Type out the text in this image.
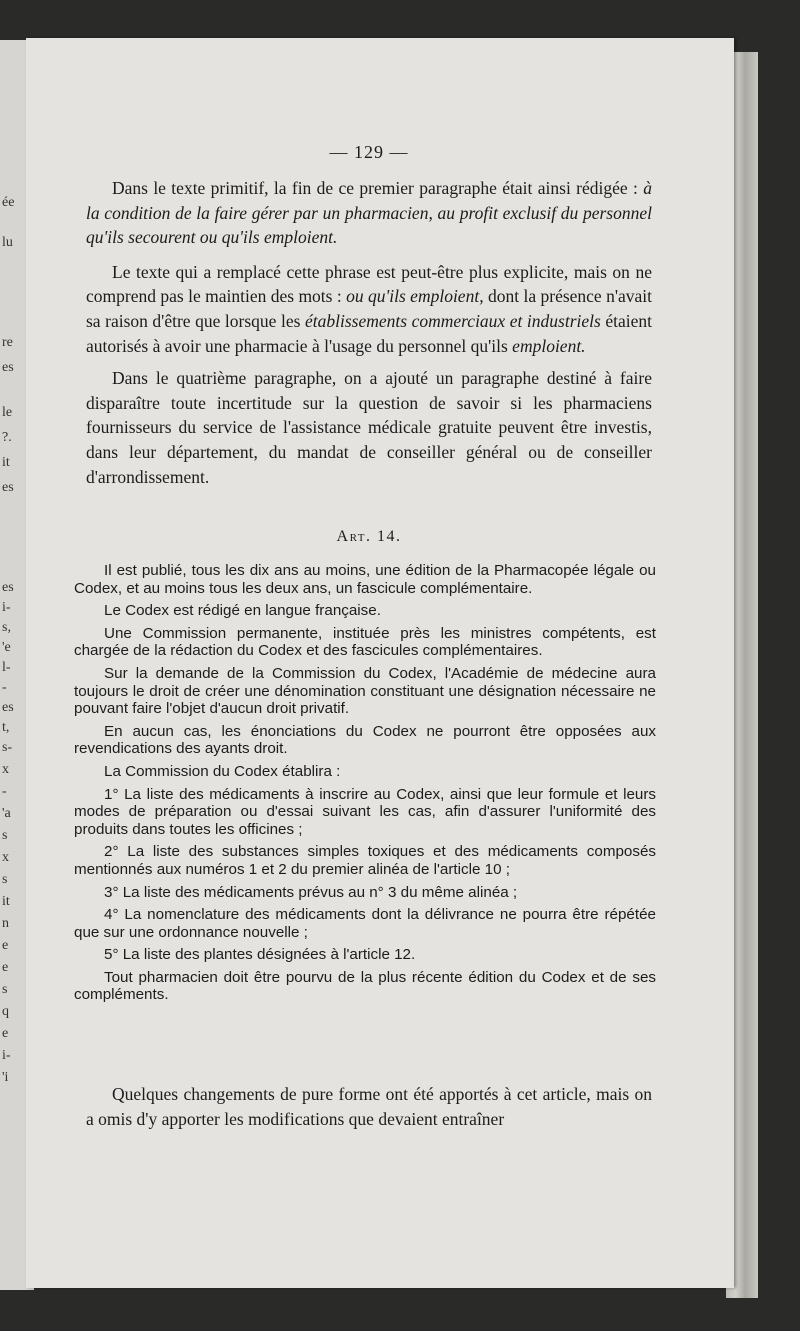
ée
lu
re
es
le
?.
it
es
es
i-
s,
'e
l-
-
es
t,
s-
x
-
'a
s
x
s
it
n
e
e
s
q
e
i-
'i
— 129 —

Dans le texte primitif, la fin de ce premier paragraphe était ainsi rédigée : à la condition de la faire gérer par un pharmacien, au profit exclusif du personnel qu'ils secourent ou qu'ils emploient.

Le texte qui a remplacé cette phrase est peut-être plus explicite, mais on ne comprend pas le maintien des mots : ou qu'ils emploient, dont la présence n'avait sa raison d'être que lorsque les établissements commerciaux et industriels étaient autorisés à avoir une pharmacie à l'usage du personnel qu'ils emploient.

Dans le quatrième paragraphe, on a ajouté un paragraphe destiné à faire disparaître toute incertitude sur la question de savoir si les pharmaciens fournisseurs du service de l'assistance médicale gratuite peuvent être investis, dans leur département, du mandat de conseiller général ou de conseiller d'arrondissement.

Art. 14.

Il est publié, tous les dix ans au moins, une édition de la Pharmacopée légale ou Codex, et au moins tous les deux ans, un fascicule complémentaire.

Le Codex est rédigé en langue française.

Une Commission permanente, instituée près les ministres compétents, est chargée de la rédaction du Codex et des fascicules complémentaires.

Sur la demande de la Commission du Codex, l'Académie de médecine aura toujours le droit de créer une dénomination constituant une désignation nécessaire ne pouvant faire l'objet d'aucun droit privatif.

En aucun cas, les énonciations du Codex ne pourront être opposées aux revendications des ayants droit.

La Commission du Codex établira :

1° La liste des médicaments à inscrire au Codex, ainsi que leur formule et leurs modes de préparation ou d'essai suivant les cas, afin d'assurer l'uniformité des produits dans toutes les officines ;

2° La liste des substances simples toxiques et des médicaments composés mentionnés aux numéros 1 et 2 du premier alinéa de l'article 10 ;

3° La liste des médicaments prévus au n° 3 du même alinéa ;

4° La nomenclature des médicaments dont la délivrance ne pourra être répétée que sur une ordonnance nouvelle ;

5° La liste des plantes désignées à l'article 12.

Tout pharmacien doit être pourvu de la plus récente édition du Codex et de ses compléments.

Quelques changements de pure forme ont été apportés à cet article, mais on a omis d'y apporter les modifications que devaient entraîner
